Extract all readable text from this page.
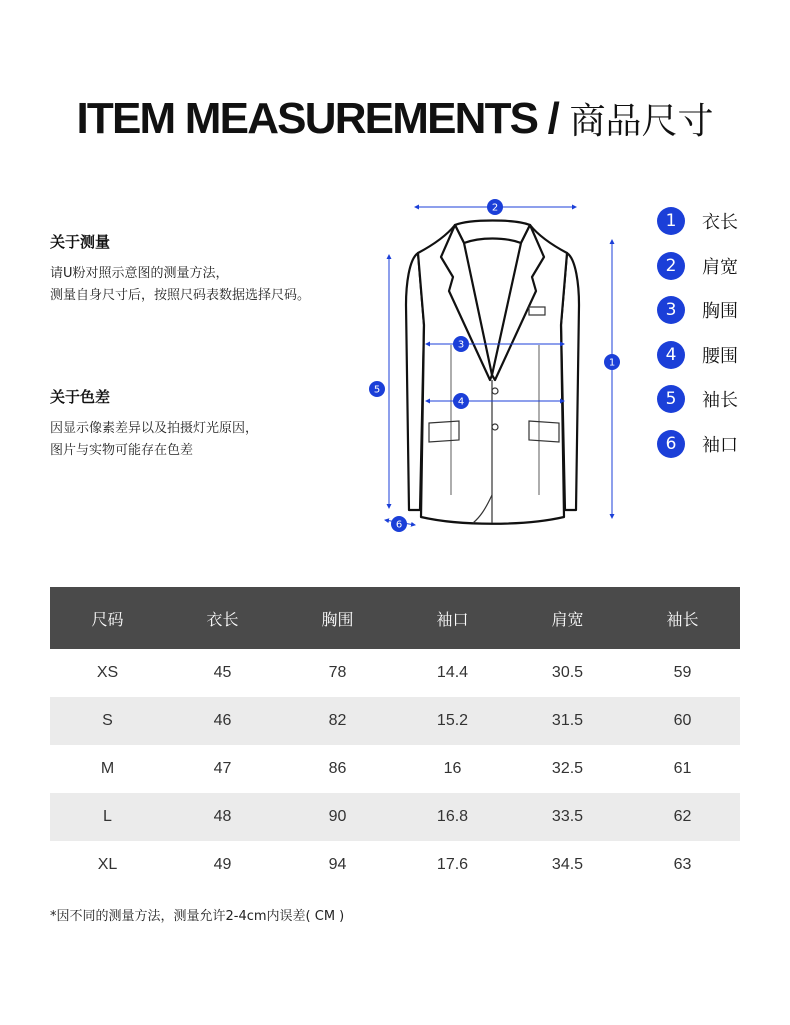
ITEM MEASUREMENTS / 商品尺寸
关于测量

请U粉对照示意图的测量方法，

测量自身尺寸后，按照尺码表数据选择尺码。

关于色差

因显示像素差异以及拍摄灯光原因，

图片与实物可能存在色差

2
1
3
4
5
6
1	衣长
2	肩宽
3	胸围
4	腰围
5	袖长
6	袖口
尺码	衣长	胸围	袖口	肩宽	袖长
XS	45	78	14.4	30.5	59
S	46	82	15.2	31.5	60
M	47	86	16	32.5	61
L	48	90	16.8	33.5	62
XL	49	94	17.6	34.5	63
*因不同的测量方法，测量允许2-4cm内误差( CM )
